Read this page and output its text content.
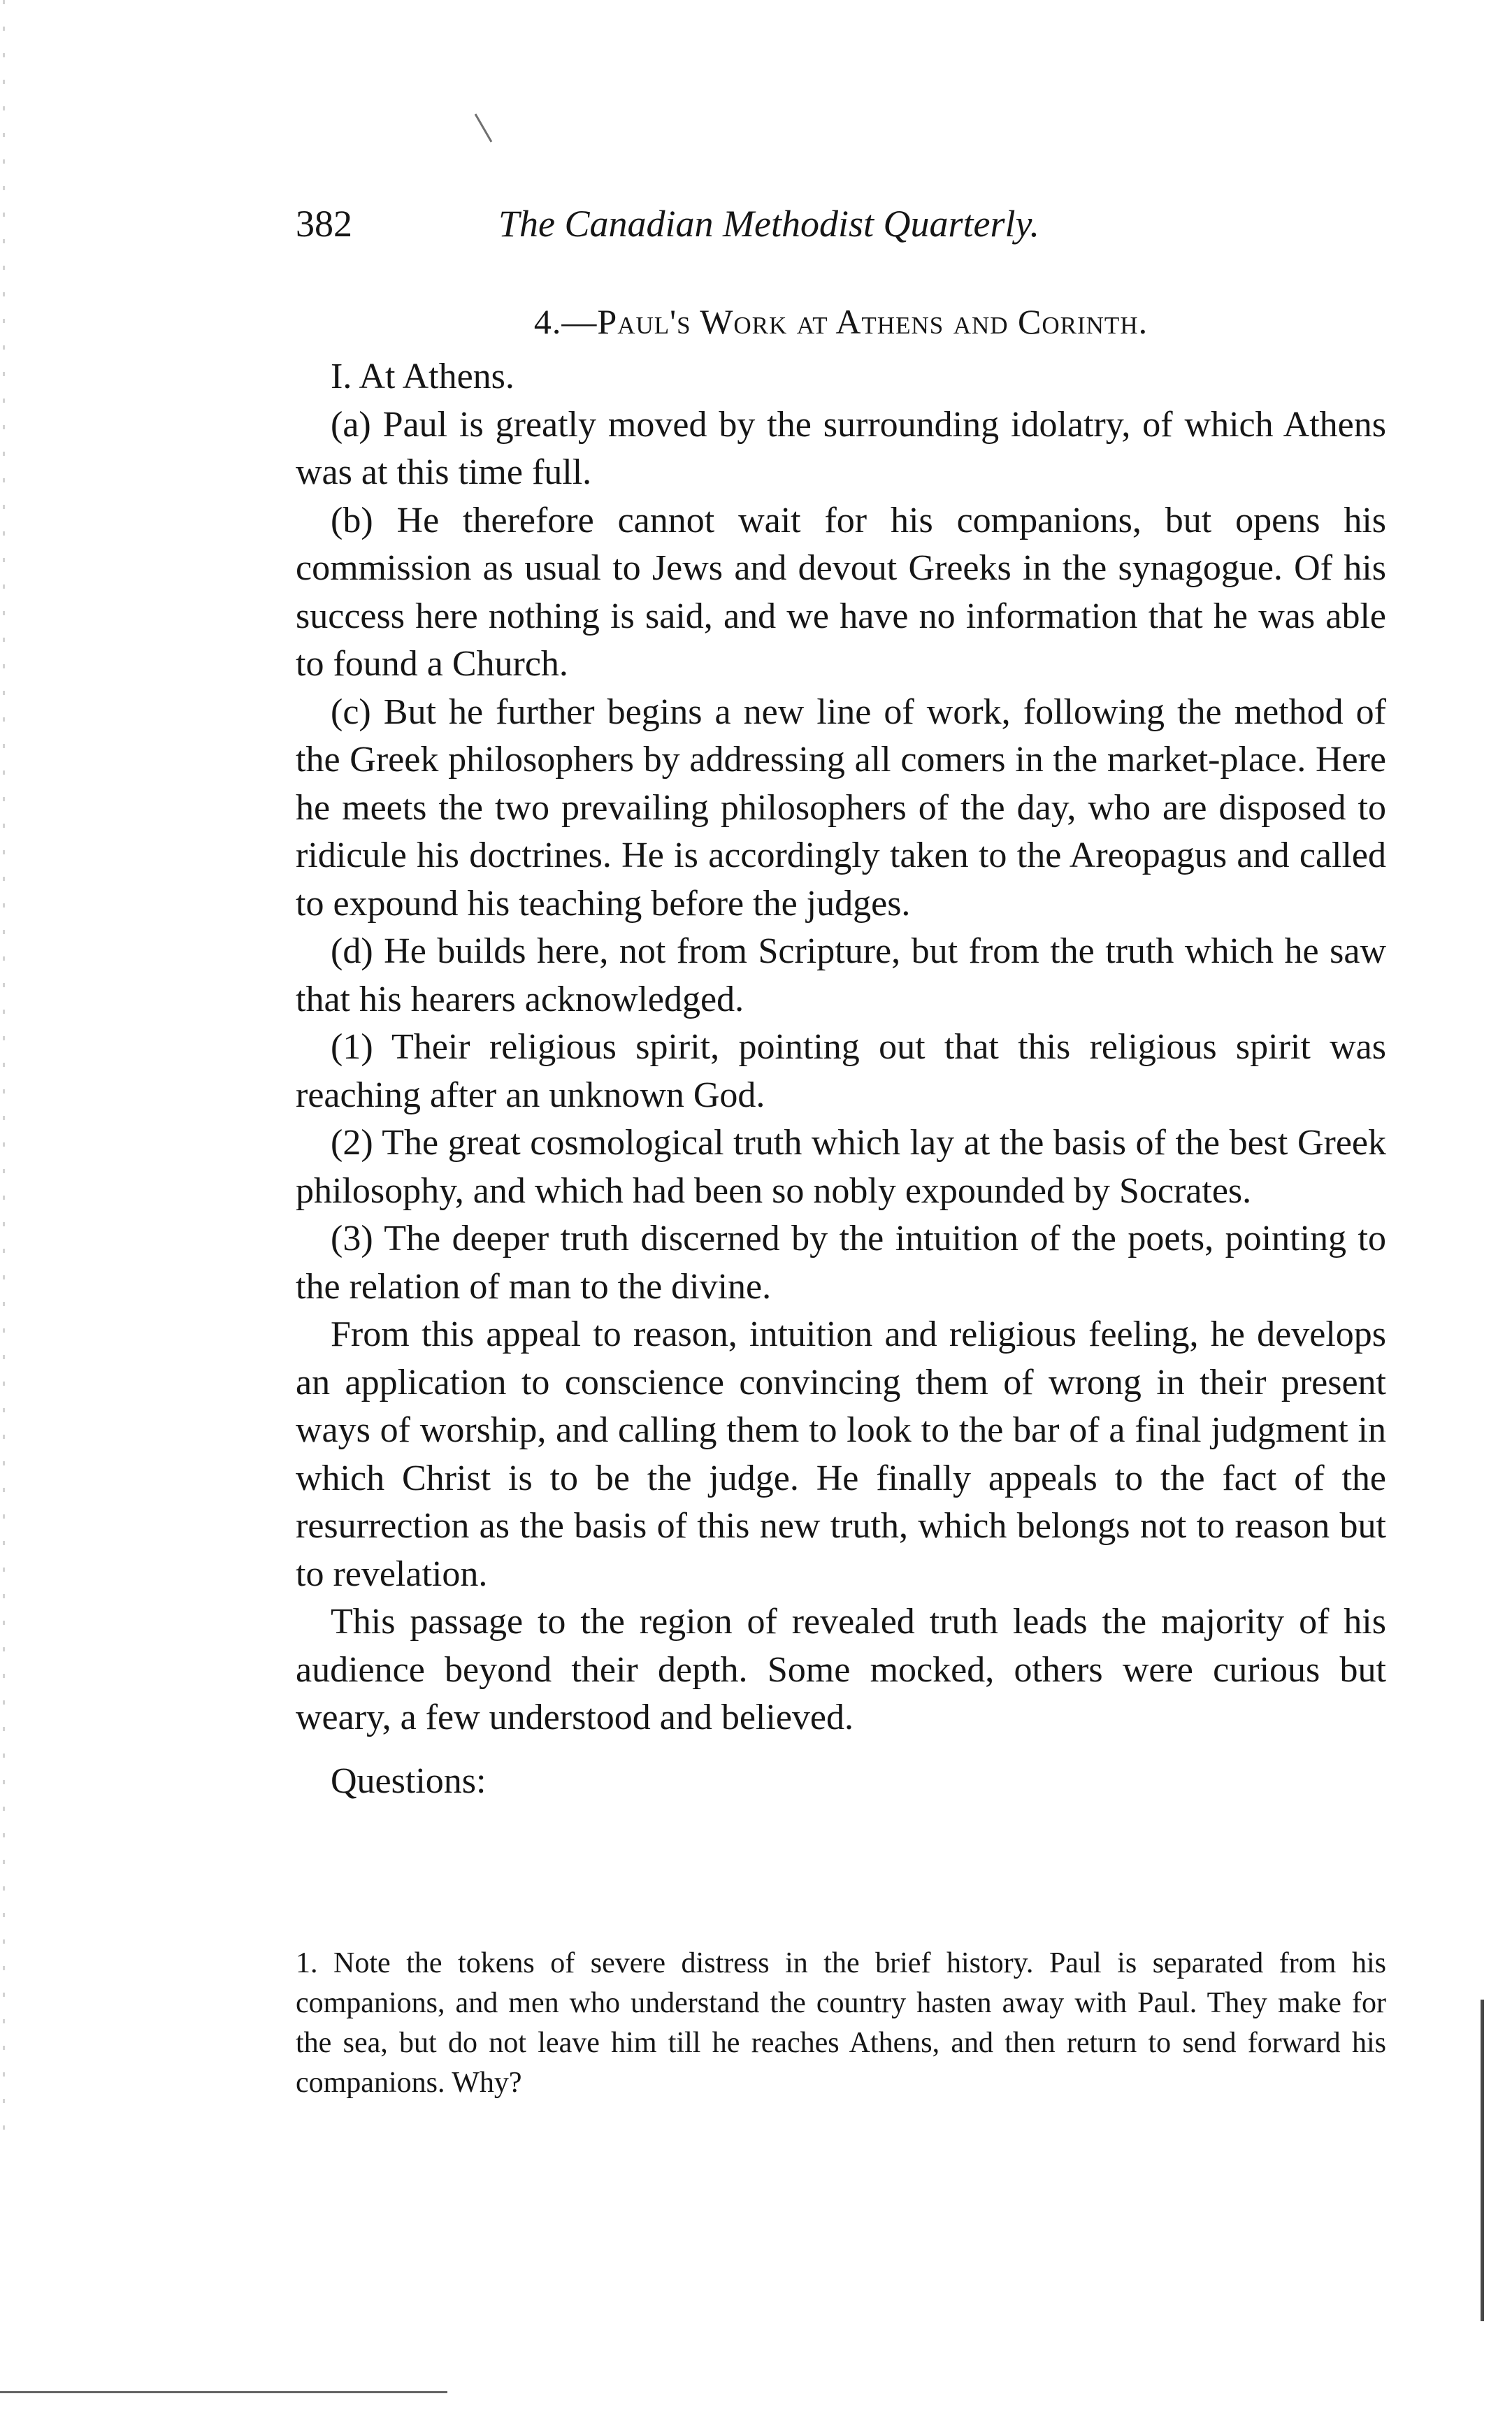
382	The Canadian Methodist Quarterly.
4.—Paul's Work at Athens and Corinth.

I. At Athens.

(a) Paul is greatly moved by the surrounding idolatry, of which Athens was at this time full.

(b) He therefore cannot wait for his companions, but opens his commission as usual to Jews and devout Greeks in the synagogue. Of his success here nothing is said, and we have no information that he was able to found a Church.

(c) But he further begins a new line of work, following the method of the Greek philosophers by addressing all comers in the market-place. Here he meets the two prevailing philosophers of the day, who are disposed to ridicule his doctrines. He is accordingly taken to the Areopagus and called to expound his teaching before the judges.

(d) He builds here, not from Scripture, but from the truth which he saw that his hearers acknowledged.

(1) Their religious spirit, pointing out that this religious spirit was reaching after an unknown God.

(2) The great cosmological truth which lay at the basis of the best Greek philosophy, and which had been so nobly expounded by Socrates.

(3) The deeper truth discerned by the intuition of the poets, pointing to the relation of man to the divine.

From this appeal to reason, intuition and religious feeling, he develops an application to conscience convincing them of wrong in their present ways of worship, and calling them to look to the bar of a final judgment in which Christ is to be the judge. He finally appeals to the fact of the resurrection as the basis of this new truth, which belongs not to reason but to revelation.

This passage to the region of revealed truth leads the majority of his audience beyond their depth. Some mocked, others were curious but weary, a few understood and believed.

Questions:

1. Note the tokens of severe distress in the brief history. Paul is separated from his companions, and men who understand the country hasten away with Paul. They make for the sea, but do not leave him till he reaches Athens, and then return to send forward his companions. Why?
